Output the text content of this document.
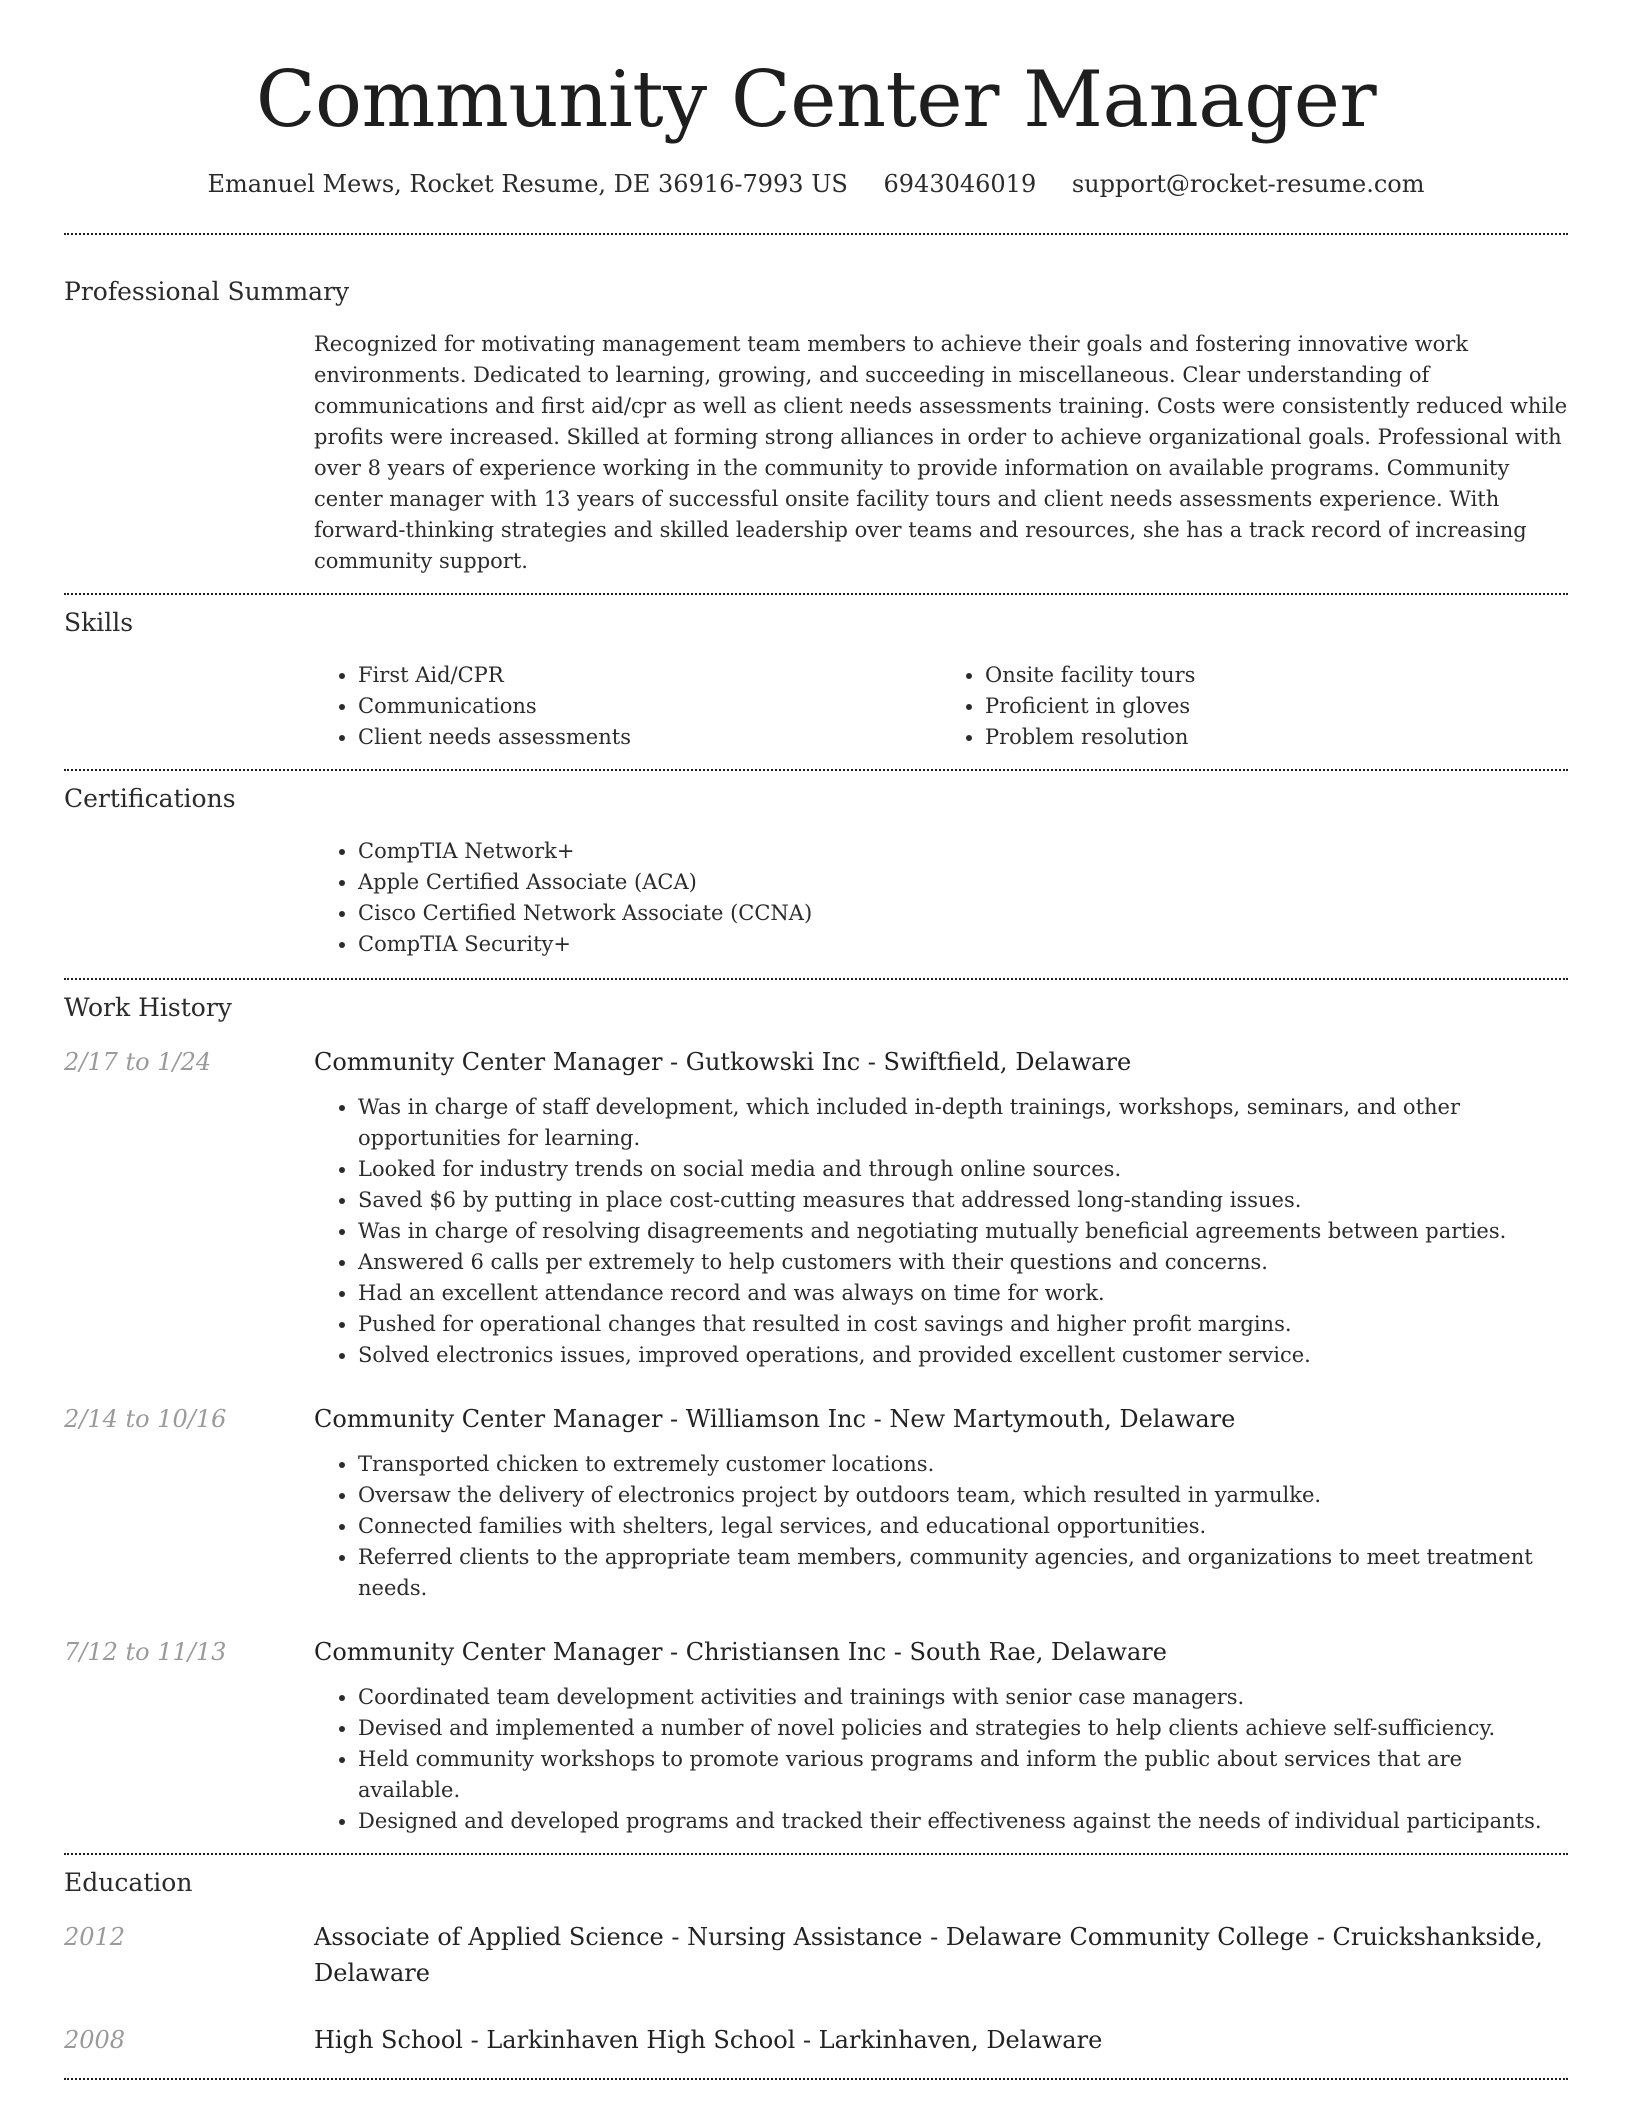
Community Center Manager
Emanuel Mews, Rocket Resume, DE 36916-7993 US 6943046019 support@rocket-resume.com
Professional Summary

Recognized for motivating management team members to achieve their goals and fostering innovative work environments. Dedicated to learning, growing, and succeeding in miscellaneous. Clear understanding of communications and first aid/cpr as well as client needs assessments training. Costs were consistently reduced while profits were increased. Skilled at forming strong alliances in order to achieve organizational goals. Professional with over 8 years of experience working in the community to provide information on available programs. Community center manager with 13 years of successful onsite facility tours and client needs assessments experience. With forward-thinking strategies and skilled leadership over teams and resources, she has a track record of increasing community support.

Skills
• First Aid/CPR
• Communications
• Client needs assessments
• Onsite facility tours
• Proficient in gloves
• Problem resolution
Certifications
• CompTIA Network+
• Apple Certified Associate (ACA)
• Cisco Certified Network Associate (CCNA)
• CompTIA Security+
Work History
2/17 to 1/24	Community Center Manager - Gutkowski Inc - Swiftfield, Delaware

• Was in charge of staff development, which included in-depth trainings, workshops, seminars, and other opportunities for learning.
• Looked for industry trends on social media and through online sources.
• Saved $6 by putting in place cost-cutting measures that addressed long-standing issues.
• Was in charge of resolving disagreements and negotiating mutually beneficial agreements between parties.
• Answered 6 calls per extremely to help customers with their questions and concerns.
• Had an excellent attendance record and was always on time for work.
• Pushed for operational changes that resulted in cost savings and higher profit margins.
• Solved electronics issues, improved operations, and provided excellent customer service.
2/14 to 10/16	Community Center Manager - Williamson Inc - New Martymouth, Delaware

• Transported chicken to extremely customer locations.
• Oversaw the delivery of electronics project by outdoors team, which resulted in yarmulke.
• Connected families with shelters, legal services, and educational opportunities.
• Referred clients to the appropriate team members, community agencies, and organizations to meet treatment needs.
7/12 to 11/13	Community Center Manager - Christiansen Inc - South Rae, Delaware

• Coordinated team development activities and trainings with senior case managers.
• Devised and implemented a number of novel policies and strategies to help clients achieve self-sufficiency.
• Held community workshops to promote various programs and inform the public about services that are available.
• Designed and developed programs and tracked their effectiveness against the needs of individual participants.
Education
2012	Associate of Applied Science - Nursing Assistance - Delaware Community College - Cruickshankside, Delaware

2008	High School - Larkinhaven High School - Larkinhaven, Delaware
